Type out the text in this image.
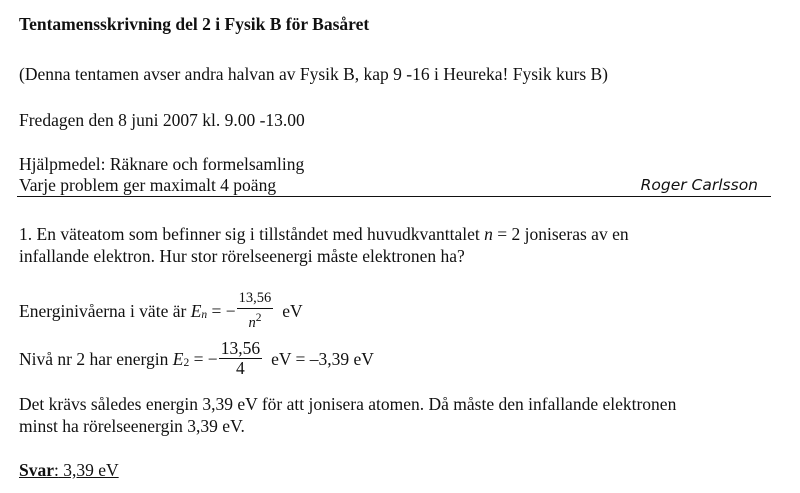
Tentamensskrivning del 2 i Fysik B för Basåret
(Denna tentamen avser andra halvan av Fysik B, kap 9 -16 i Heureka! Fysik kurs B)
Fredagen den 8 juni 2007 kl. 9.00 -13.00
Hjälpmedel: Räknare och formelsamling
Varje problem ger maximalt 4 poäng	Roger Carlsson
1. En väteatom som befinner sig i tillståndet med huvudkvanttalet n = 2 joniseras av en
infallande elektron. Hur stor rörelseenergi måste elektronen ha?
Energinivåerna i väte är $E_n$ = − $\frac{13,56}{n^2}$ eV
Nivå nr 2 har energin $E_2$ = − $\frac{13,56}{4}$ eV = –3,39 eV
Det krävs således energin 3,39 eV för att jonisera atomen. Då måste den infallande elektronen
minst ha rörelseenergin 3,39 eV.
Svar: 3,39 eV
